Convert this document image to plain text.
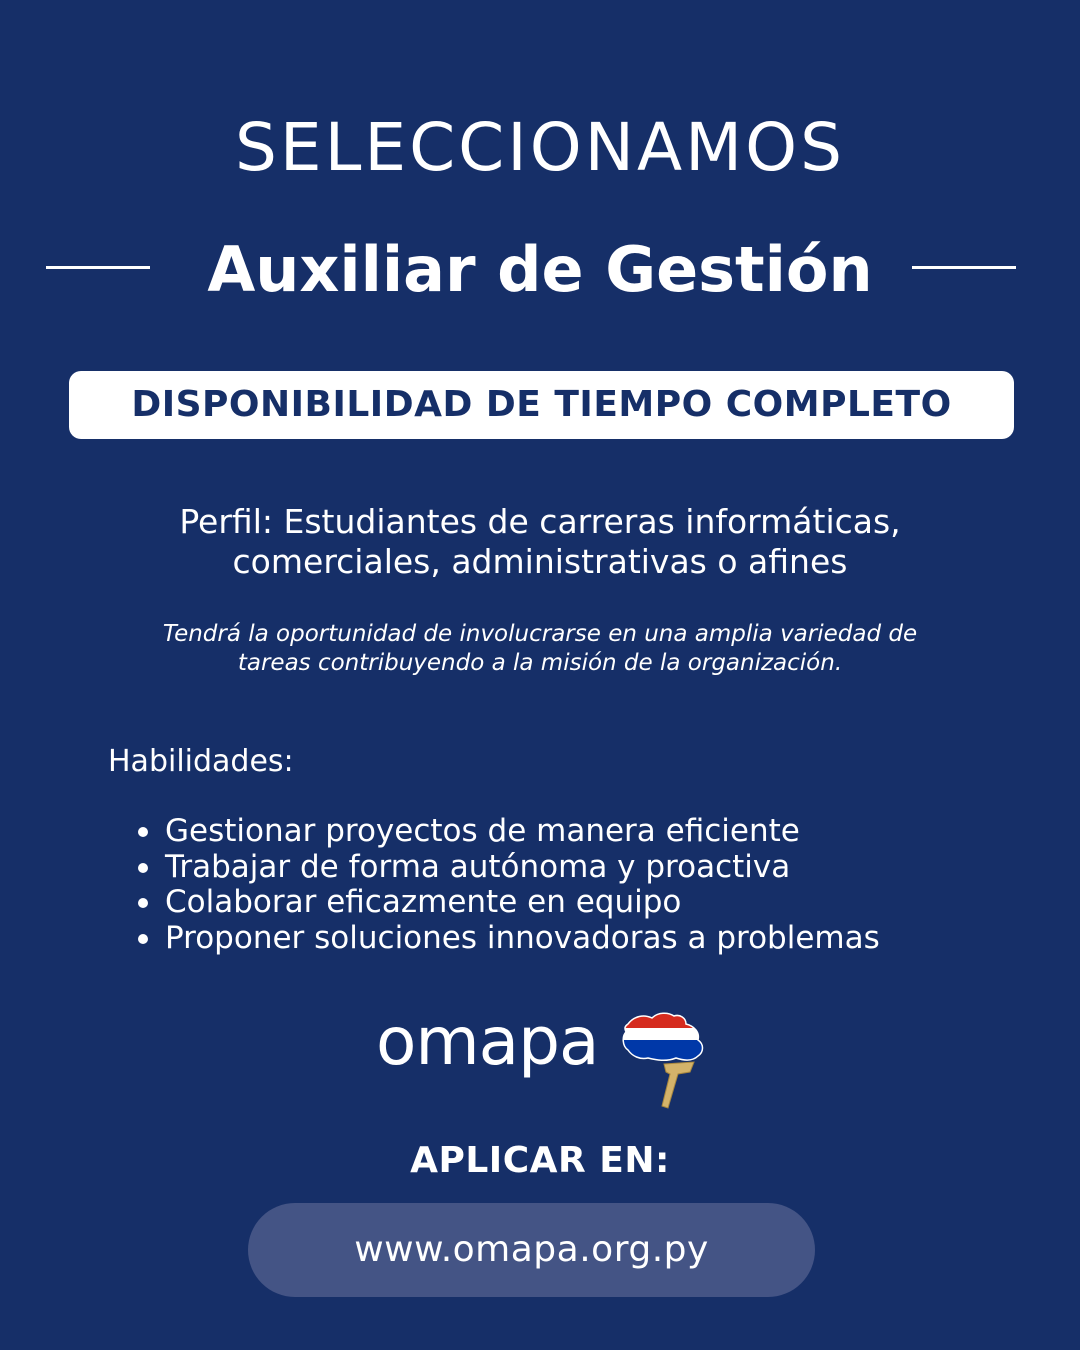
SELECCIONAMOS
Auxiliar de Gestión
DISPONIBILIDAD DE TIEMPO COMPLETO
Perfil: Estudiantes de carreras informáticas,
comerciales, administrativas o afines
Tendrá la oportunidad de involucrarse en una amplia variedad de
tareas contribuyendo a la misión de la organización.
Habilidades:
Gestionar proyectos de manera eficiente
Trabajar de forma autónoma y proactiva
Colaborar eficazmente en equipo
Proponer soluciones innovadoras a problemas
omapa
APLICAR EN:
www.omapa.org.py
